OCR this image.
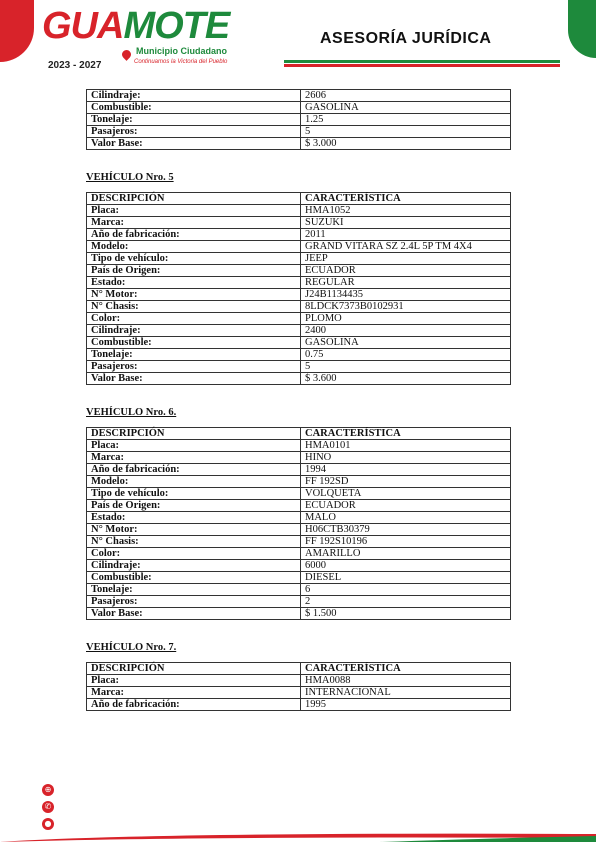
GUAMOTE
Municipio Ciudadano
Continuamos la Victoria del Pueblo
2023 - 2027
ASESORÍA JURÍDICA
Cilindraje:	2606
Combustible:	GASOLINA
Tonelaje:	1.25
Pasajeros:	5
Valor Base:	$ 3.000
VEHÍCULO Nro. 5
DESCRIPCIÓN	CARACTERÍSTICA
Placa:	HMA1052
Marca:	SUZUKI
Año de fabricación:	2011
Modelo:	GRAND VITARA SZ 2.4L 5P TM 4X4
Tipo de vehículo:	JEEP
País de Origen:	ECUADOR
Estado:	REGULAR
N° Motor:	J24B1134435
N° Chasis:	8LDCK7373B0102931
Color:	PLOMO
Cilindraje:	2400
Combustible:	GASOLINA
Tonelaje:	0.75
Pasajeros:	5
Valor Base:	$ 3.600
VEHÍCULO Nro. 6.
DESCRIPCIÓN	CARACTERÍSTICA
Placa:	HMA0101
Marca:	HINO
Año de fabricación:	1994
Modelo:	FF 192SD
Tipo de vehículo:	VOLQUETA
País de Origen:	ECUADOR
Estado:	MALO
N° Motor:	H06CTB30379
N° Chasis:	FF 192S10196
Color:	AMARILLO
Cilindraje:	6000
Combustible:	DIESEL
Tonelaje:	6
Pasajeros:	2
Valor Base:	$ 1.500
VEHÍCULO Nro. 7.
DESCRIPCIÓN	CARACTERÍSTICA
Placa:	HMA0088
Marca:	INTERNACIONAL
Año de fabricación:	1995
⊕
✆
●
